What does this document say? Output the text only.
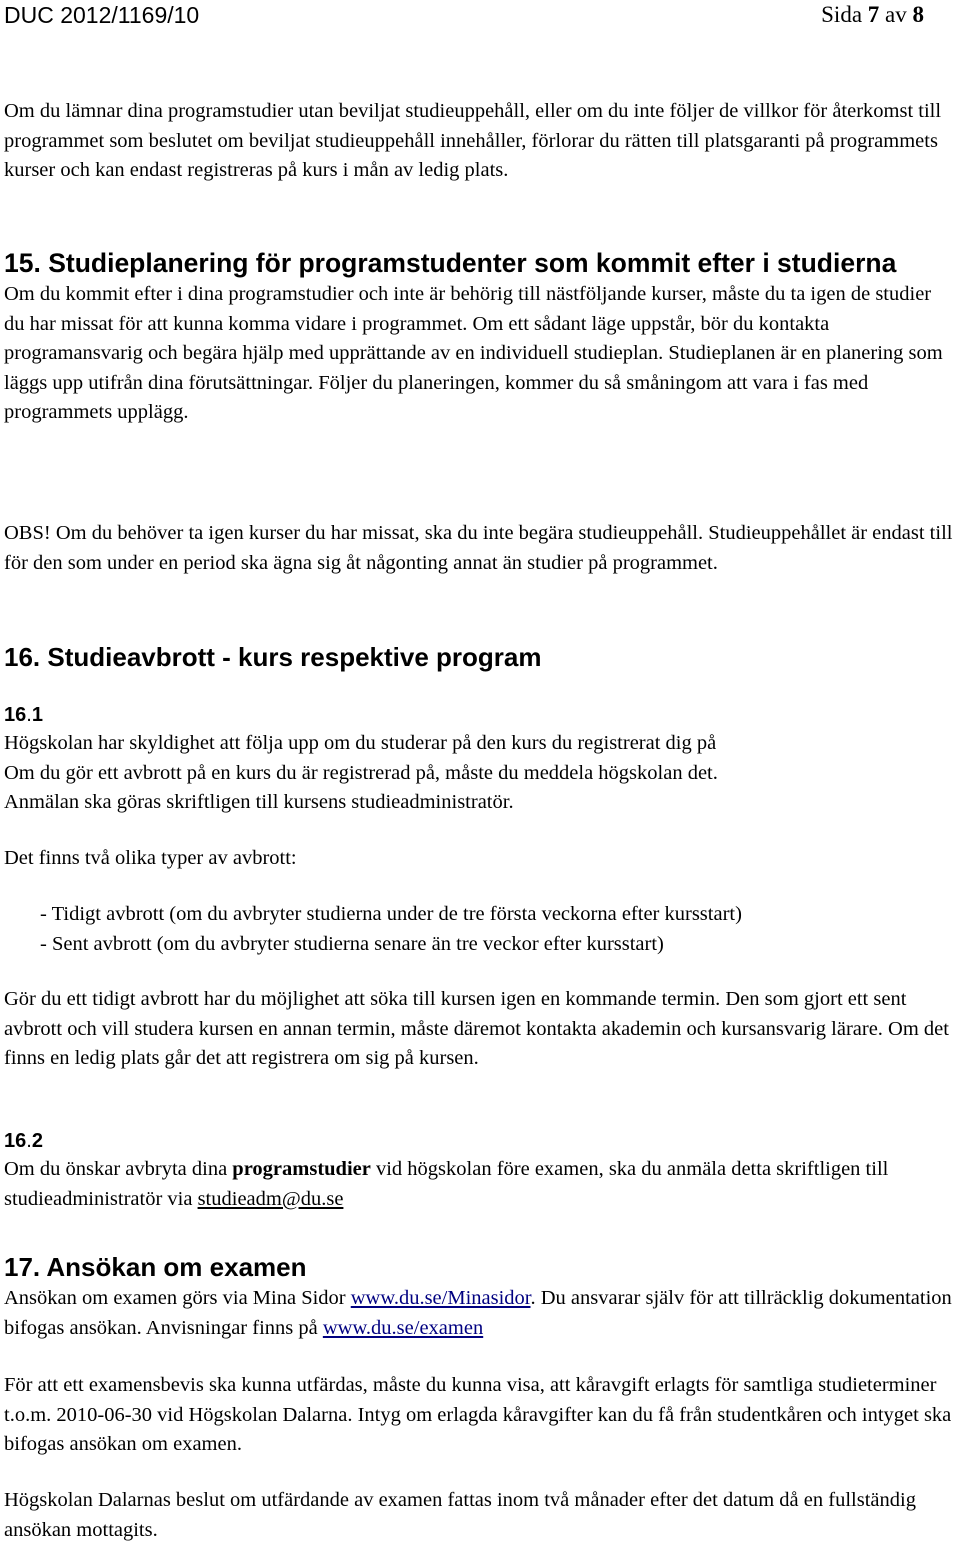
DUC 2012/1169/10	Sida 7 av 8

Om du lämnar dina programstudier utan beviljat studieuppehåll, eller om du inte följer de villkor för återkomst till programmet som beslutet om beviljat studieuppehåll innehåller, förlorar du rätten till platsgaranti på programmets kurser och kan endast registreras på kurs i mån av ledig plats.

15. Studieplanering för programstudenter som kommit efter i studierna

Om du kommit efter i dina programstudier och inte är behörig till nästföljande kurser, måste du ta igen de studier du har missat för att kunna komma vidare i programmet. Om ett sådant läge uppstår, bör du kontakta programansvarig och begära hjälp med upprättande av en individuell studieplan. Studieplanen är en planering som läggs upp utifrån dina förutsättningar. Följer du planeringen, kommer du så småningom att vara i fas med programmets upplägg.

OBS! Om du behöver ta igen kurser du har missat, ska du inte begära studieuppehåll. Studieuppehållet är endast till för den som under en period ska ägna sig åt någonting annat än studier på programmet.

16. Studieavbrott - kurs respektive program
16.1

Högskolan har skyldighet att följa upp om du studerar på den kurs du registrerat dig på

Om du gör ett avbrott på en kurs du är registrerad på, måste du meddela högskolan det.

Anmälan ska göras skriftligen till kursens studieadministratör.

Det finns två olika typer av avbrott:

- Tidigt avbrott (om du avbryter studierna under de tre första veckorna efter kursstart)
- Sent avbrott (om du avbryter studierna senare än tre veckor efter kursstart)

Gör du ett tidigt avbrott har du möjlighet att söka till kursen igen en kommande termin. Den som gjort ett sent avbrott och vill studera kursen en annan termin, måste däremot kontakta akademin och kursansvarig lärare. Om det finns en ledig plats går det att registrera om sig på kursen.

16.2

Om du önskar avbryta dina programstudier vid högskolan före examen, ska du anmäla detta skriftligen till studieadministratör via studieadm@du.se

17. Ansökan om examen

Ansökan om examen görs via Mina Sidor www.du.se/Minasidor. Du ansvarar själv för att tillräcklig dokumentation bifogas ansökan. Anvisningar finns på www.du.se/examen

För att ett examensbevis ska kunna utfärdas, måste du kunna visa, att kåravgift erlagts för samtliga studieterminer t.o.m. 2010-06-30 vid Högskolan Dalarna. Intyg om erlagda kåravgifter kan du få från studentkåren och intyget ska bifogas ansökan om examen.

Högskolan Dalarnas beslut om utfärdande av examen fattas inom två månader efter det datum då en fullständig ansökan mottagits.
